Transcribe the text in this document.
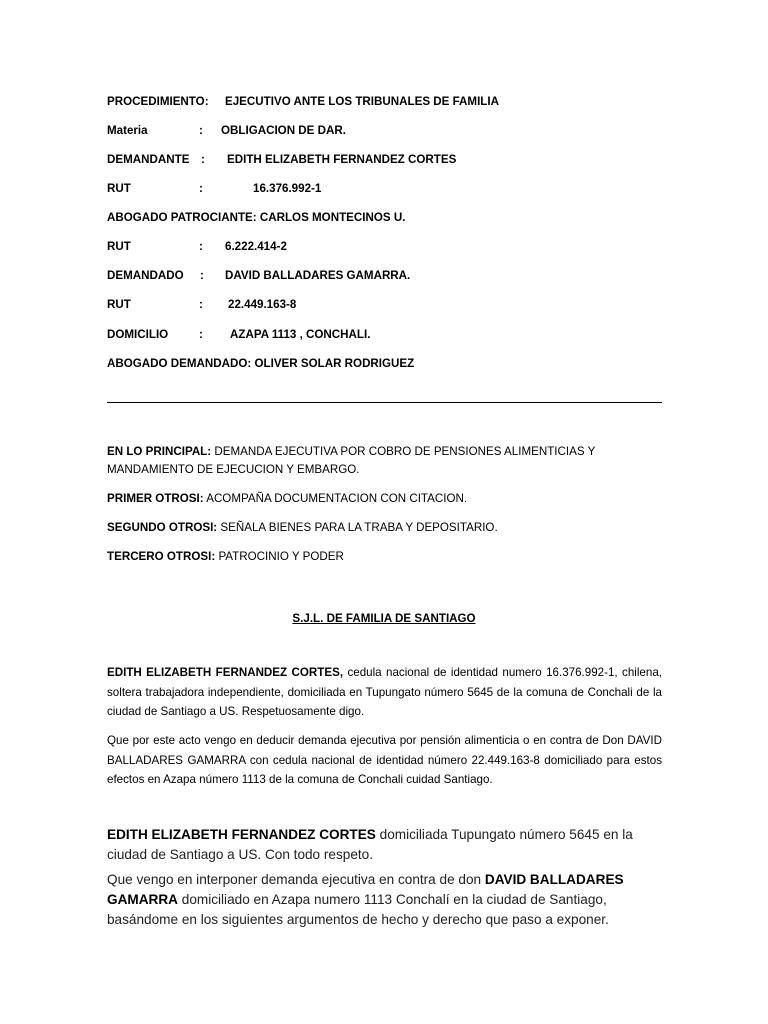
PROCEDIMIENTO: EJECUTIVO ANTE LOS TRIBUNALES DE FAMILIA
Materia	: OBLIGACION DE DAR.
DEMANDANTE : EDITH ELIZABETH FERNANDEZ CORTES
RUT	:	16.376.992-1
ABOGADO PATROCIANTE: CARLOS MONTECINOS U.
RUT	: 6.222.414-2
DEMANDADO : DAVID BALLADARES GAMARRA.
RUT	: 22.449.163-8
DOMICILIO	: AZAPA 1113 , CONCHALI.
ABOGADO DEMANDADO: OLIVER SOLAR RODRIGUEZ
EN LO PRINCIPAL: DEMANDA EJECUTIVA POR COBRO DE PENSIONES ALIMENTICIAS Y MANDAMIENTO DE EJECUCION Y EMBARGO.
PRIMER OTROSI: ACOMPAÑA DOCUMENTACION CON CITACION.
SEGUNDO OTROSI: SEÑALA BIENES PARA LA TRABA Y DEPOSITARIO.
TERCERO OTROSI: PATROCINIO Y PODER
S.J.L. DE FAMILIA DE SANTIAGO
EDITH ELIZABETH FERNANDEZ CORTES, cedula nacional de identidad numero 16.376.992-1, chilena, soltera trabajadora independiente, domiciliada en Tupungato número 5645 de la comuna de Conchali de la ciudad de Santiago a US. Respetuosamente digo.
Que por este acto vengo en deducir demanda ejecutiva por pensión alimenticia o en contra de Don DAVID BALLADARES GAMARRA con cedula nacional de identidad número 22.449.163-8 domiciliado para estos efectos en Azapa número 1113 de la comuna de Conchali cuidad Santiago.
EDITH ELIZABETH FERNANDEZ CORTES domiciliada Tupungato número 5645 en la ciudad de Santiago a US. Con todo respeto.
Que vengo en interponer demanda ejecutiva en contra de don DAVID BALLADARES GAMARRA domiciliado en Azapa numero 1113 Conchalí en la ciudad de Santiago, basándome en los siguientes argumentos de hecho y derecho que paso a exponer.
